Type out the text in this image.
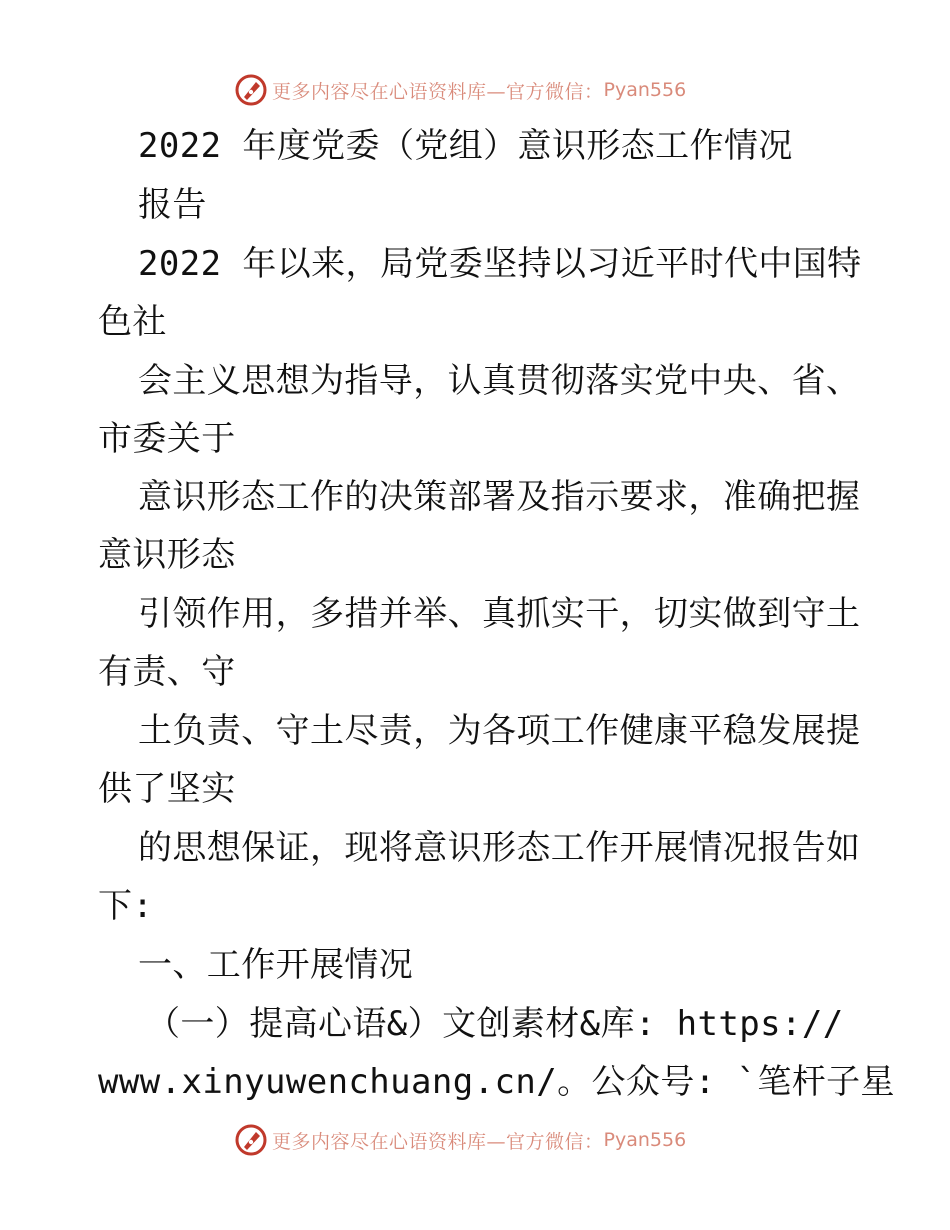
更多内容尽在心语资料库—官方微信： Pyan556
2022 年度党委（党组）意识形态工作情况
报告
2022 年以来，局党委坚持以习近平时代中国特
色社
会主义思想为指导，认真贯彻落实党中央、省、
市委关于
意识形态工作的决策部署及指示要求，准确把握
意识形态
引领作用，多措并举、真抓实干，切实做到守土
有责、守
土负责、守土尽责，为各项工作健康平稳发展提
供了坚实
的思想保证，现将意识形态工作开展情况报告如
下:
一、工作开展情况
（一）提高心语&）文创素材&库: https://
www.xinyuwenchuang.cn/。公众号: `笔杆子星
更多内容尽在心语资料库—官方微信： Pyan556
